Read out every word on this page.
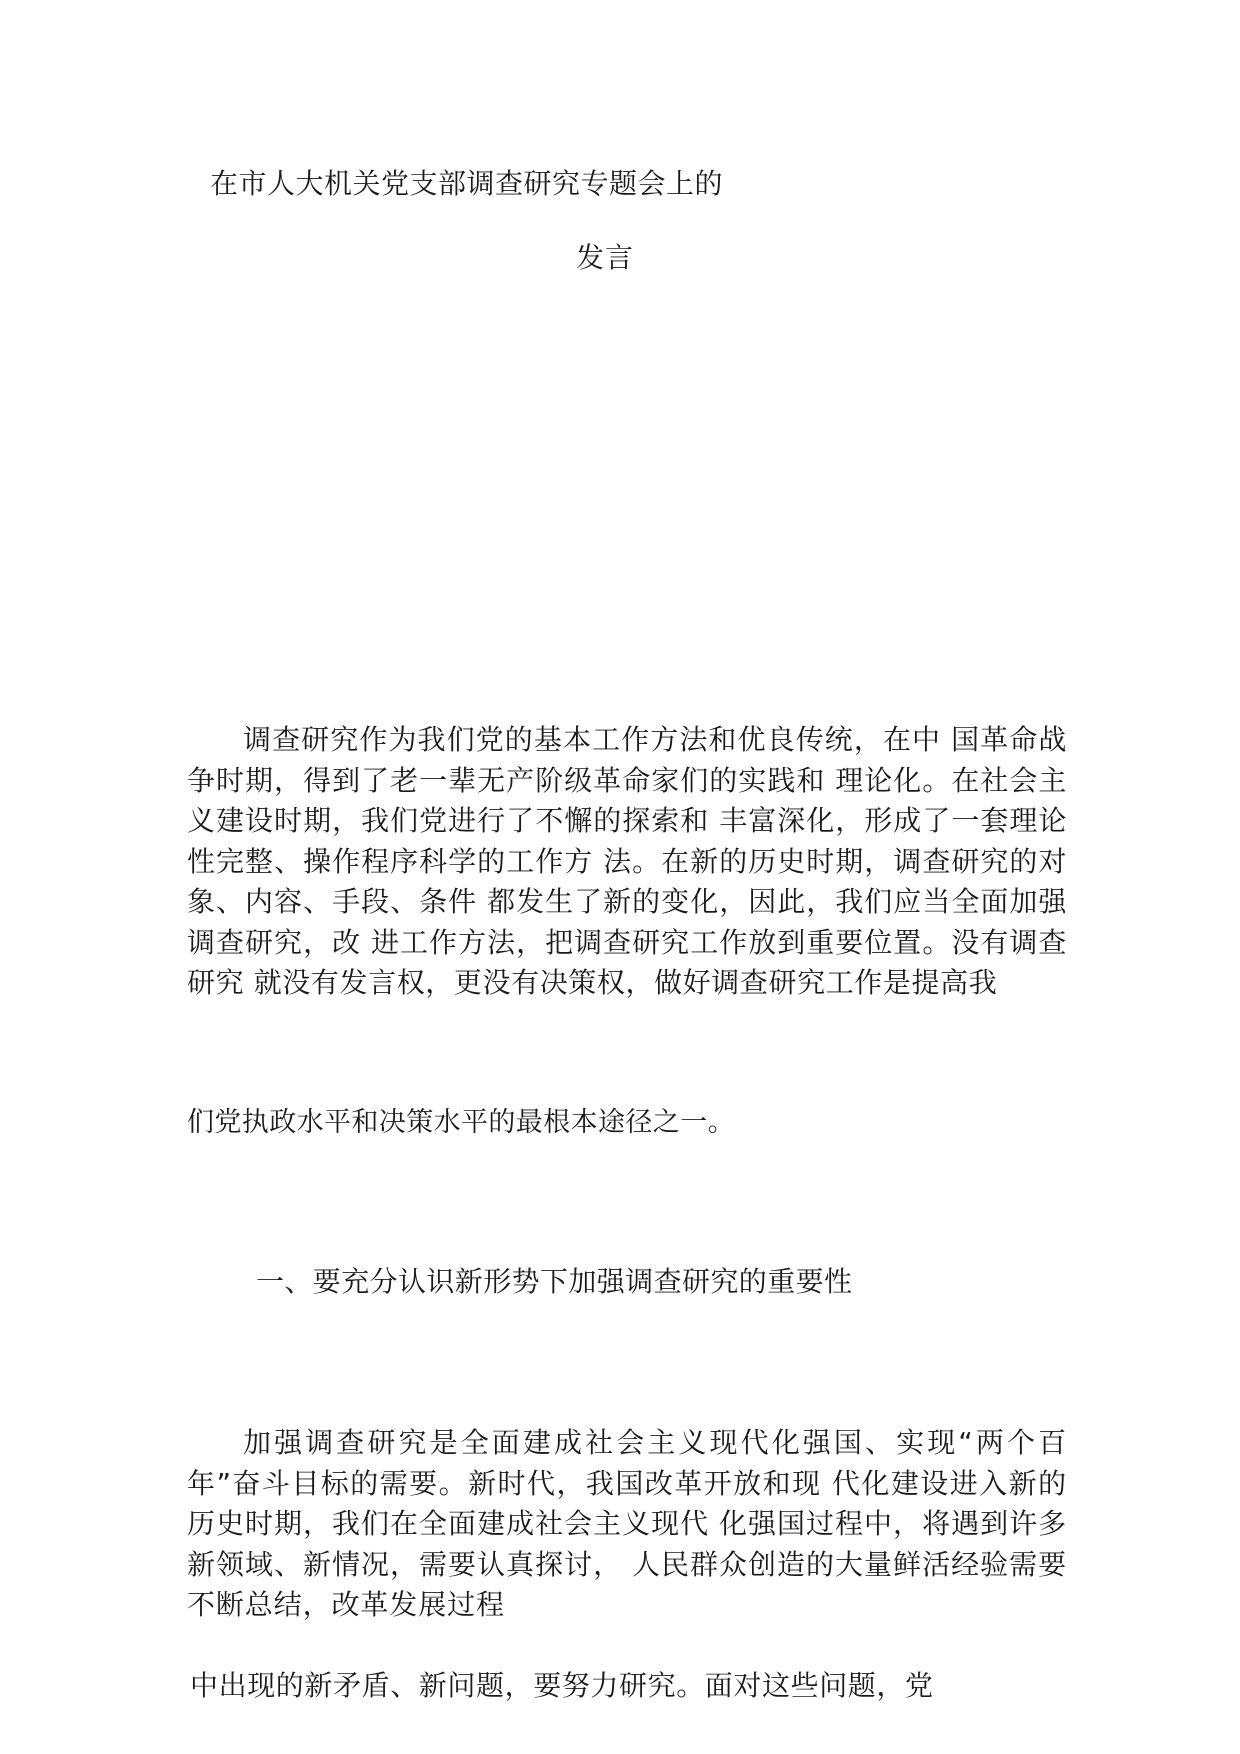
在市人大机关党支部调查研究专题会上的
发言

调查研究作为我们党的基本工作方法和优良传统，在中 国革命战争时期，得到了老一辈无产阶级革命家们的实践和 理论化。在社会主义建设时期，我们党进行了不懈的探索和 丰富深化，形成了一套理论性完整、操作程序科学的工作方 法。在新的历史时期，调查研究的对象、内容、手段、条件 都发生了新的变化，因此，我们应当全面加强调查研究，改 进工作方法，把调查研究工作放到重要位置。没有调查研究 就没有发言权，更没有决策权，做好调查研究工作是提高我

们党执政水平和决策水平的最根本途径之一。
一、要充分认识新形势下加强调查研究的重要性

加强调查研究是全面建成社会主义现代化强国、实现“两个百年”奋斗目标的需要。新时代，我国改革开放和现 代化建设进入新的历史时期，我们在全面建成社会主义现代 化强国过程中，将遇到许多新领域、新情况，需要认真探讨， 人民群众创造的大量鲜活经验需要不断总结，改革发展过程

中出现的新矛盾、新问题，要努力研究。面对这些问题，党
